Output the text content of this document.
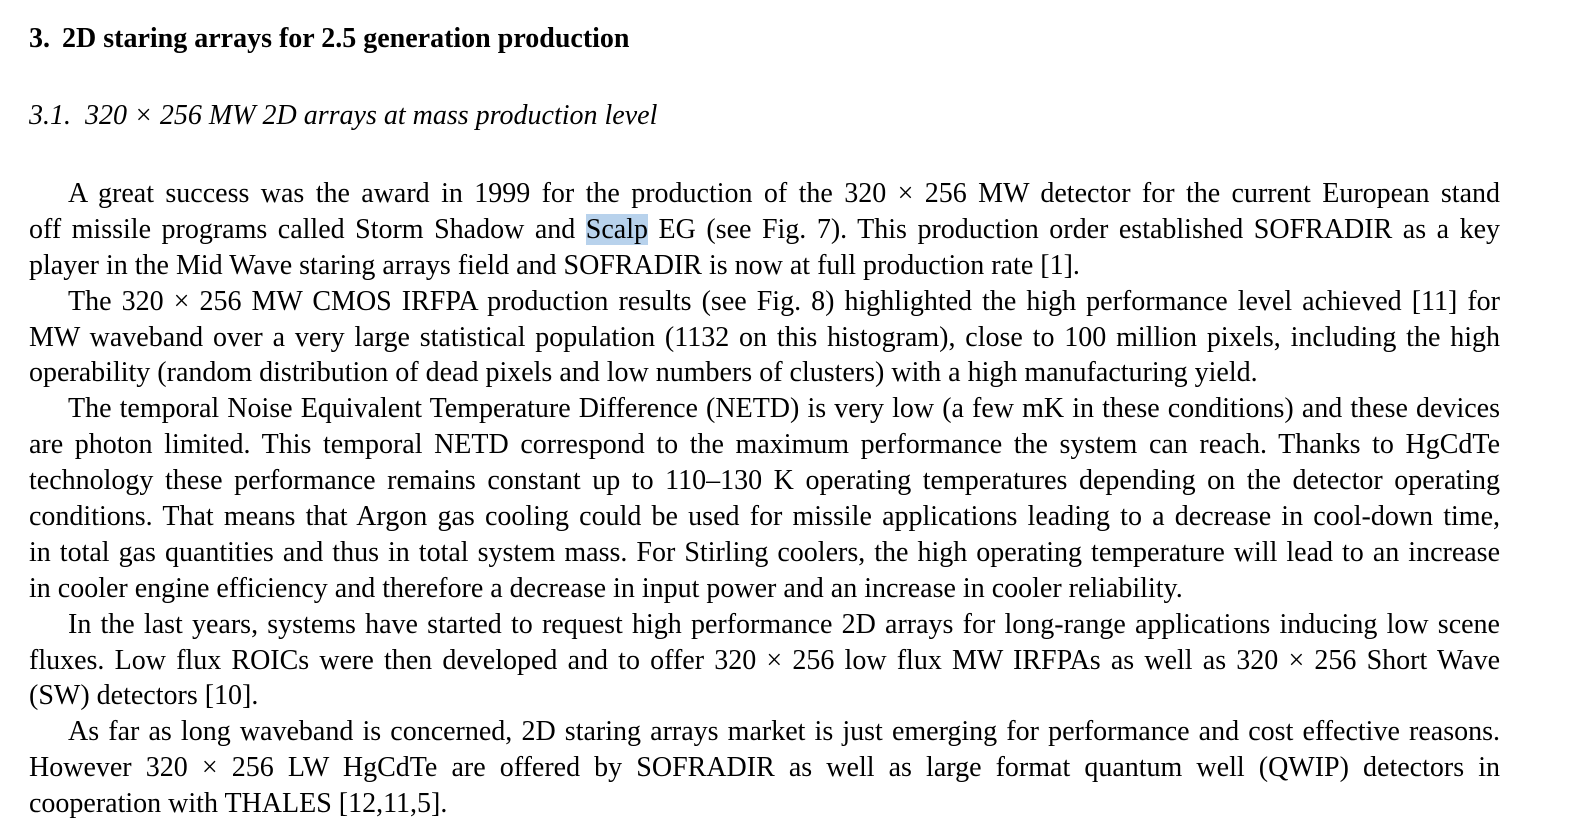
3. 2D staring arrays for 2.5 generation production
3.1. 320 × 256 MW 2D arrays at mass production level
A great success was the award in 1999 for the production of the 320 × 256 MW detector for the current European stand
off missile programs called Storm Shadow and Scalp EG (see Fig. 7). This production order established SOFRADIR as a key
player in the Mid Wave staring arrays field and SOFRADIR is now at full production rate [1].
The 320 × 256 MW CMOS IRFPA production results (see Fig. 8) highlighted the high performance level achieved [11] for
MW waveband over a very large statistical population (1132 on this histogram), close to 100 million pixels, including the high
operability (random distribution of dead pixels and low numbers of clusters) with a high manufacturing yield.
The temporal Noise Equivalent Temperature Difference (NETD) is very low (a few mK in these conditions) and these devices
are photon limited. This temporal NETD correspond to the maximum performance the system can reach. Thanks to HgCdTe
technology these performance remains constant up to 110–130 K operating temperatures depending on the detector operating
conditions. That means that Argon gas cooling could be used for missile applications leading to a decrease in cool-down time,
in total gas quantities and thus in total system mass. For Stirling coolers, the high operating temperature will lead to an increase
in cooler engine efficiency and therefore a decrease in input power and an increase in cooler reliability.
In the last years, systems have started to request high performance 2D arrays for long-range applications inducing low scene
fluxes. Low flux ROICs were then developed and to offer 320 × 256 low flux MW IRFPAs as well as 320 × 256 Short Wave
(SW) detectors [10].
As far as long waveband is concerned, 2D staring arrays market is just emerging for performance and cost effective reasons.
However 320 × 256 LW HgCdTe are offered by SOFRADIR as well as large format quantum well (QWIP) detectors in
cooperation with THALES [12,11,5].
